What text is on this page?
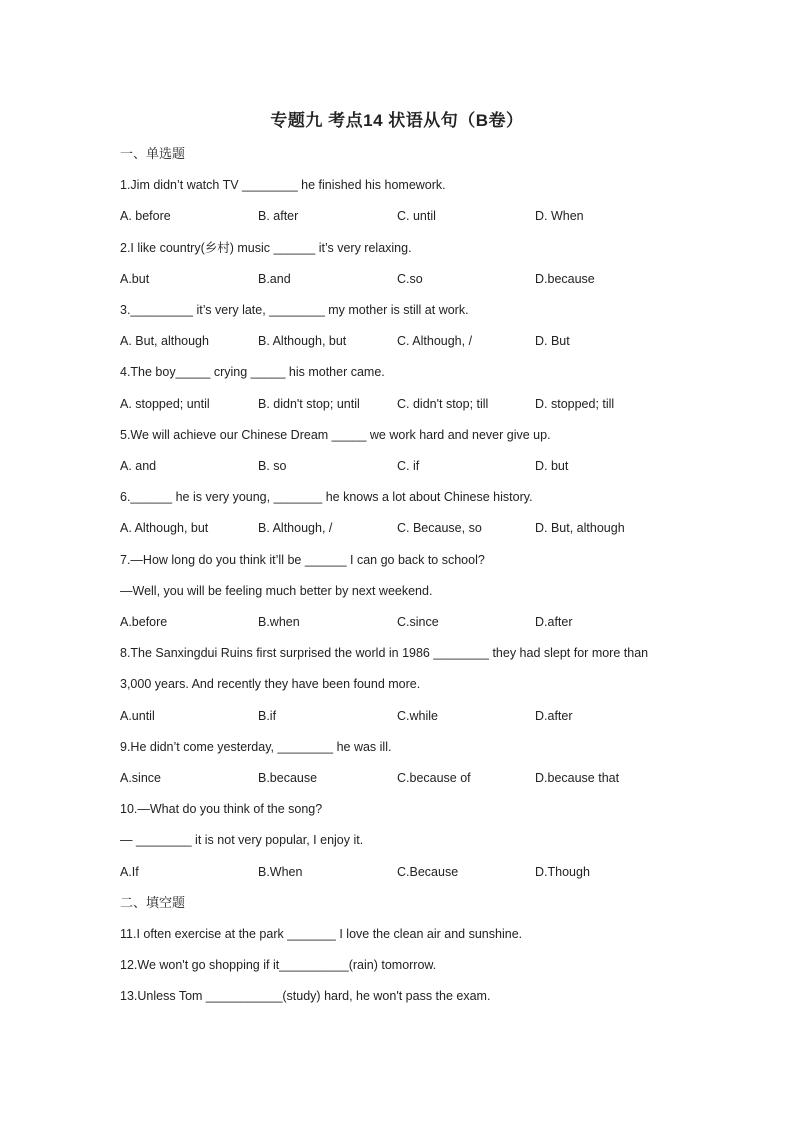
专题九 考点14 状语从句（B卷）
一、单选题
1.Jim didn’t watch TV ________ he finished his homework.
A. before	B. after	C. until	D. When
2.I like country(乡村) music ______ it’s very relaxing.
A.but	B.and	C.so	D.because
3._________ it’s very late, ________ my mother is still at work.
A. But, although	B. Although, but	C. Although, /	D. But
4.The boy_____ crying _____ his mother came.
A. stopped; until	B. didn't stop; until	C. didn't stop; till	D. stopped; till
5.We will achieve our Chinese Dream _____ we work hard and never give up.
A. and	B. so	C. if	D. but
6.______ he is very young, _______ he knows a lot about Chinese history.
A. Although, but	B. Although, /	C. Because, so	D. But, although
7.—How long do you think it’ll be ______ I can go back to school?
—Well, you will be feeling much better by next weekend.
A.before	B.when	C.since	D.after
8.The Sanxingdui Ruins first surprised the world in 1986 ________ they had slept for more than
3,000 years. And recently they have been found more.
A.until	B.if	C.while	D.after
9.He didn’t come yesterday, ________ he was ill.
A.since	B.because	C.because of	D.because that
10.—What do you think of the song?
— ________ it is not very popular, I enjoy it.
A.If	B.When	C.Because	D.Though
二、填空题
11.I often exercise at the park _______ I love the clean air and sunshine.
12.We won't go shopping if it__________(rain) tomorrow.
13.Unless Tom ___________(study) hard, he won't pass the exam.
